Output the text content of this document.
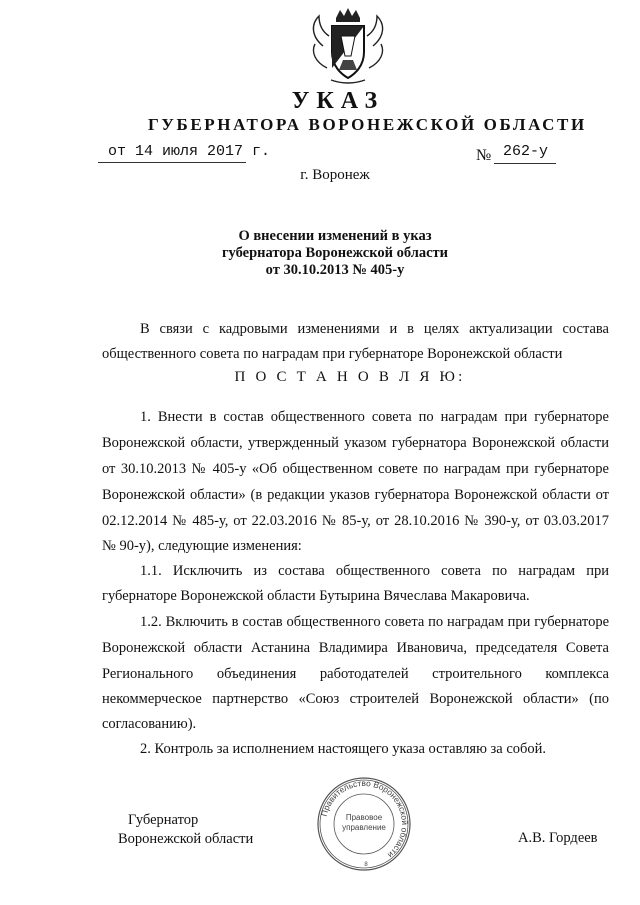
УКАЗ
ГУБЕРНАТОРА ВОРОНЕЖСКОЙ ОБЛАСТИ
от 14 июля 2017 г.	№ 262-у
г. Воронеж
О внесении изменений в указ
губернатора Воронежской области
от 30.10.2013 № 405-у
В связи с кадровыми изменениями и в целях актуализации состава
общественного совета по наградам при губернаторе Воронежской области
П О С Т А Н О В Л Я Ю:
1. Внести в состав общественного совета по наградам при губернаторе
Воронежской области, утвержденный указом губернатора Воронежской области
от 30.10.2013 № 405-у «Об общественном совете по наградам при губернаторе
Воронежской области» (в редакции указов губернатора Воронежской области от
02.12.2014 № 485-у, от 22.03.2016 № 85-у, от 28.10.2016 № 390-у, от 03.03.2017
№ 90-у), следующие изменения:
1.1. Исключить из состава общественного совета по наградам при
губернаторе Воронежской области Бутырина Вячеслава Макаровича.
1.2. Включить в состав общественного совета по наградам при губернаторе
Воронежской области Астанина Владимира Ивановича, председателя Совета
Регионального объединения работодателей строительного комплекса
некоммерческое партнерство «Союз строителей Воронежской области» (по
согласованию).
2. Контроль за исполнением настоящего указа оставляю за собой.
Губернатор
Воронежской области	А.В. Гордеев
Правительство Воронежской области
Правовое
управление
8
